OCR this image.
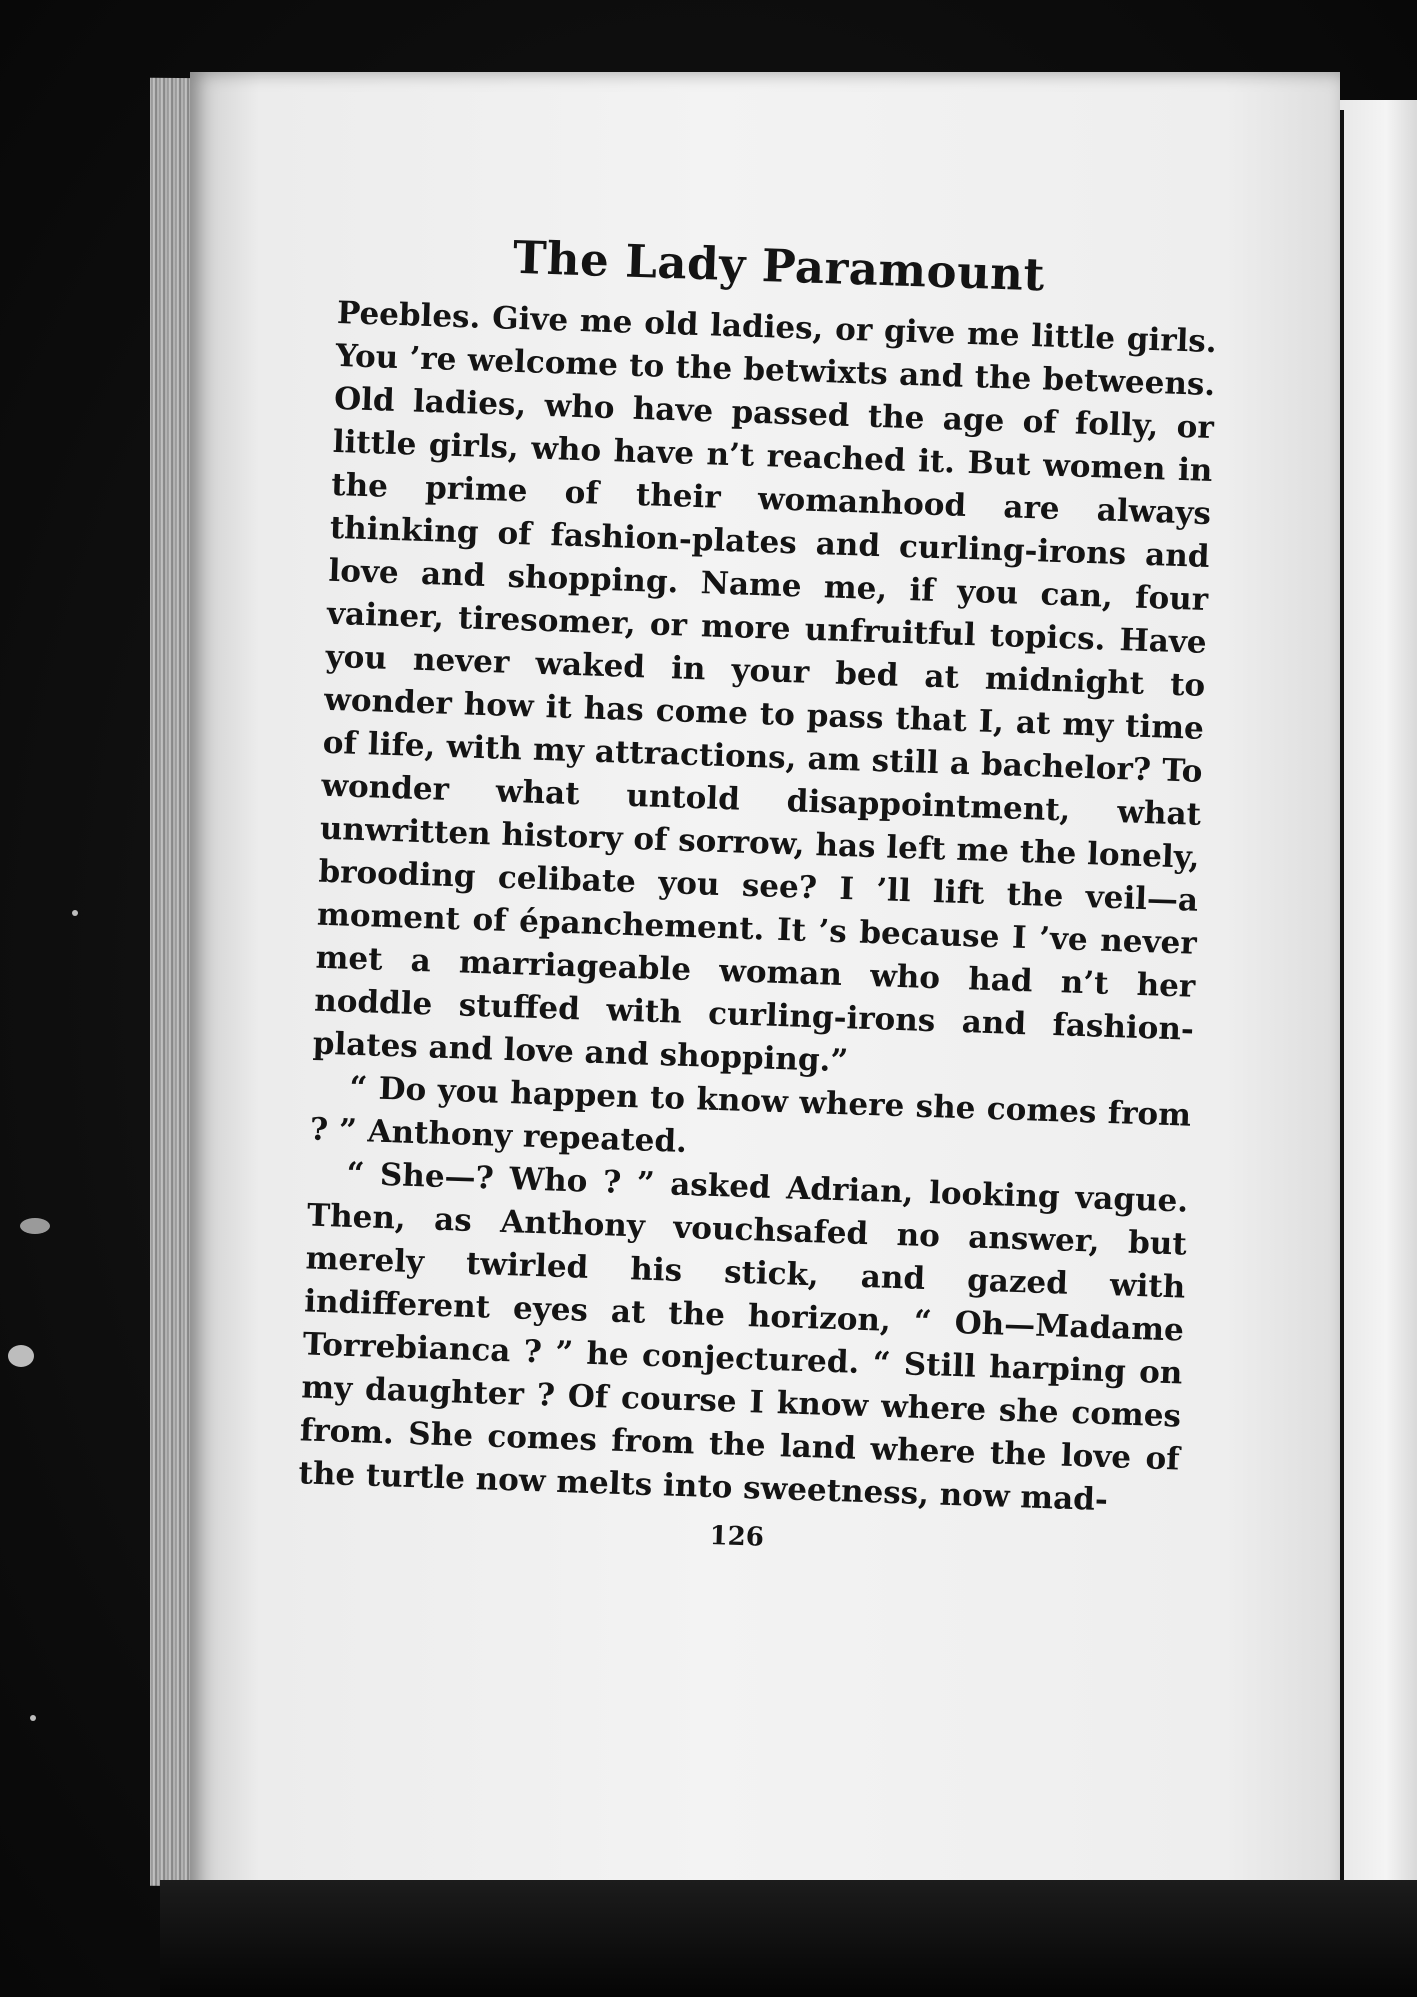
The Lady Paramount

Peebles. Give me old ladies, or give me little girls. You ’re welcome to the betwixts and the betweens. Old ladies, who have passed the age of folly, or little girls, who have n’t reached it. But women in the prime of their womanhood are always thinking of fashion-plates and curling-irons and love and shopping. Name me, if you can, four vainer, tiresomer, or more unfruitful topics. Have you never waked in your bed at midnight to wonder how it has come to pass that I, at my time of life, with my attractions, am still a bachelor? To wonder what untold disappointment, what unwritten history of sorrow, has left me the lonely, brooding celibate you see? I ’ll lift the veil—a moment of épanchement. It ’s because I ’ve never met a marriageable woman who had n’t her noddle stuffed with curling-irons and fashion-plates and love and shopping.”

“ Do you happen to know where she comes from ? ” Anthony repeated.

“ She—? Who ? ” asked Adrian, looking vague. Then, as Anthony vouchsafed no answer, but merely twirled his stick, and gazed with indifferent eyes at the horizon, “ Oh—Madame Torrebianca ? ” he conjectured. “ Still harping on my daughter ? Of course I know where she comes from. She comes from the land where the love of the turtle now melts into sweetness, now mad-

126
